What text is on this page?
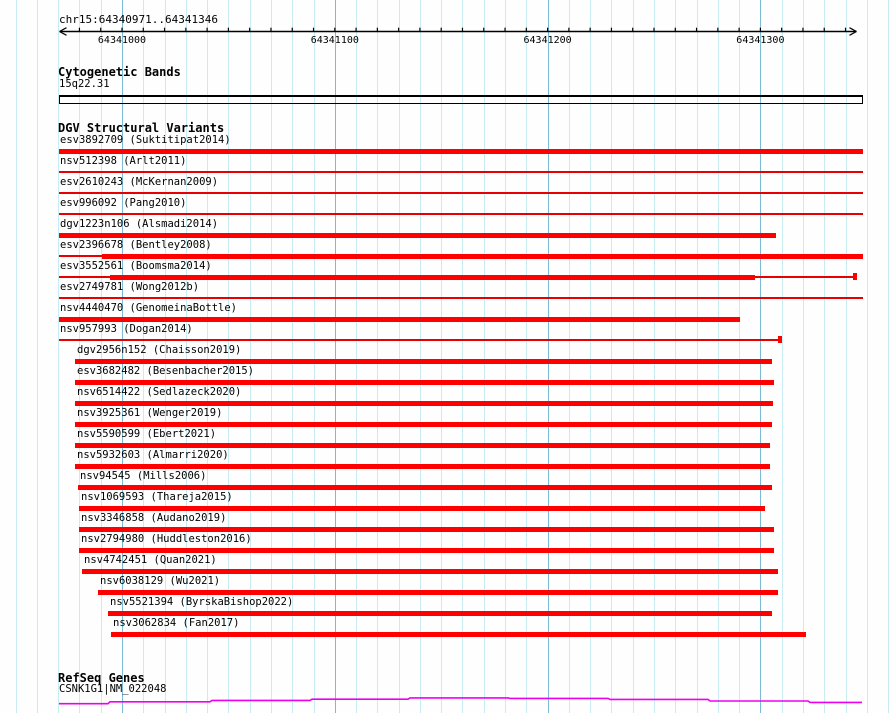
chr15:64340971..64341346
64341000	64341100	64341200	64341300
Cytogenetic Bands
15q22.31
DGV Structural Variants
esv3892709 (Suktitipat2014)
nsv512398 (Arlt2011)
esv2610243 (McKernan2009)
esv996092 (Pang2010)
dgv1223n106 (Alsmadi2014)
esv2396678 (Bentley2008)
esv3552561 (Boomsma2014)
esv2749781 (Wong2012b)
nsv4440470 (GenomeinaBottle)
nsv957993 (Dogan2014)
dgv2956n152 (Chaisson2019)
esv3682482 (Besenbacher2015)
nsv6514422 (Sedlazeck2020)
nsv3925361 (Wenger2019)
nsv5590599 (Ebert2021)
nsv5932603 (Almarri2020)
nsv94545 (Mills2006)
nsv1069593 (Thareja2015)
nsv3346858 (Audano2019)
nsv2794980 (Huddleston2016)
nsv4742451 (Quan2021)
nsv6038129 (Wu2021)
nsv5521394 (ByrskaBishop2022)
nsv3062834 (Fan2017)
RefSeq Genes
CSNK1G1|NM_022048
